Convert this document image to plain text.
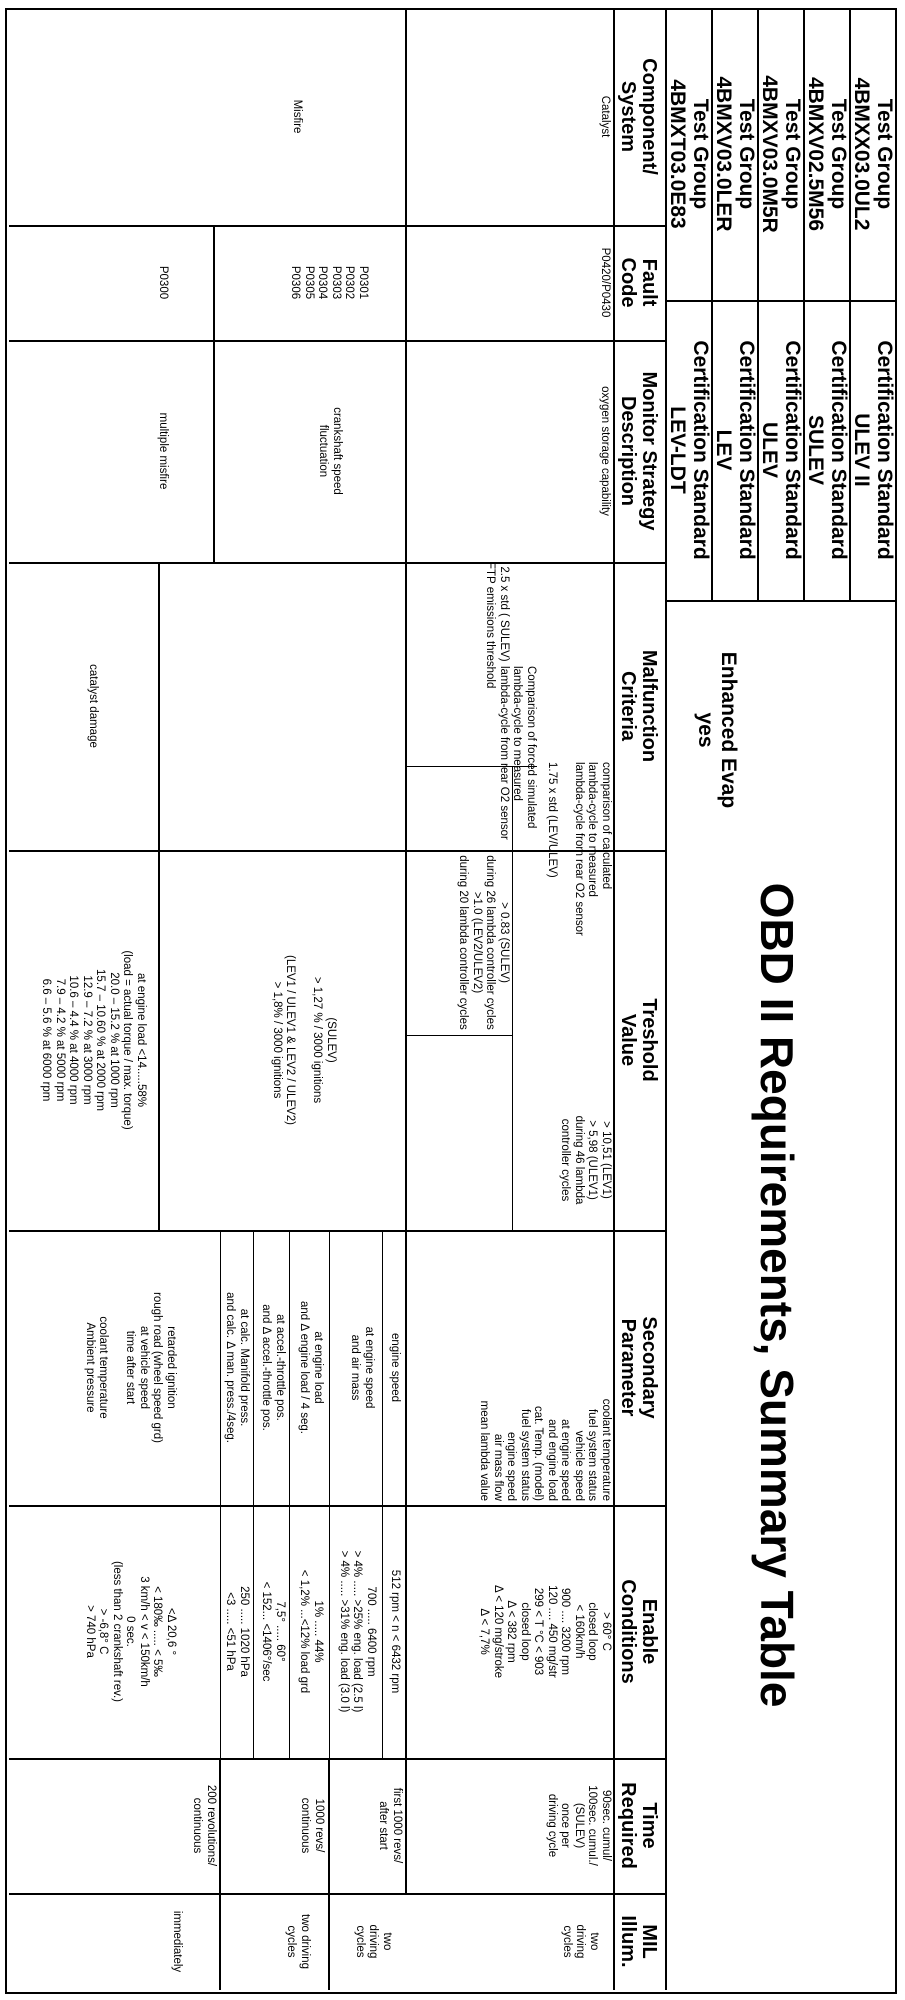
OBD II Requirements, Summary Table
Test Group
4BMXX03.0UL2
Certification Standard
ULEV II
Test Group
4BMXV02.5M56
Certification Standard
SULEV
Test Group
4BMXV03.0M5R
Certification Standard
ULEV
Test Group
4BMXV03.0LER
Certification Standard
LEV
Test Group
4BMXT03.0E83
Certification Standard
LEV-LDT
Enhanced Evap
yes
Component/
System
Fault
Code
Monitor Strategy
Description
Malfunction
Criteria
Treshold
Value
Secondary
Parameter
Enable
Conditions
Time
Required
MIL
Illum.
Catalyst
P0420/P0430
oxygen storage capability
comparison of calculated
lambda-cycle to measured
lambda-cycle from rear O2 sensor

1.75 x std (LEV/ULEV)
Comparison of forced simulated
lambda-cycle to measured
lambda-cycle from rear O2 sensor
2.5 x std ( SULEV)
FTP emissions threshold
> 10,51 (LEV1)
> 5,98 (ULEV1)
during 46 lambda
controller cycles
> 0.83 (SULEV)
during 26 lambda controller cycles
>1.0 (LEV2/ULEV2)
during 20 lambda controller cycles
coolant temperature
fuel system status
vehicle speed
at engine speed
and engine load
cat. Temp. (model)
fuel system status
engine speed
air mass flow
mean lambda value
> 60° C
closed loop
< 160km/h
900 .... 3200 rpm
120 .... 450 mg/str
299 < T °C < 903
closed loop
Δ < 382 rpm
Δ < 120 mg/stroke
Δ < 7,7%
90sec. cumul/
100sec. cumul./
(SULEV)
once per
driving cycle
two
driving
cycles
Misfire
P0301
P0302
P0303
P0304
P0305
P0306
P0300
crankshaft speed
fluctuation
multiple misfire
(SULEV)
> 1,27 % / 3000 ignitions

(LEV1 / ULEV1 & LEV2 / ULEV2)
> 1,8% / 3000 ignitions
catalyst damage
at engine load <14.....58%
(load = actual torque / max. torque)
20.0 – 15.2 % at 1000 rpm
15.7 – 10.60 % at 2000 rpm
12.9 – 7.2 % at 3000 rpm
10.6 – 4.4 % at 4000 rpm
7.9 – 4.2 % at 5000 rpm
6.6 – 5.6 % at 6000 rpm
engine speed
512 rpm < n < 6432 rpm
at engine speed
and air mass
700 ..... 6400 rpm
> 4% ..... >25% eng. load (2.5 l)
> 4% ..... >31% eng. load (3.0 l)
at engine load
and Δ engine load / 4 seg.
1% ..... 44%
< 1,2% ...<12% load grd
at accel.-throttle pos.
and Δ accel.-throttle pos.
7,5° ..... 60°
< 152... <1406°/sec
at calc. Manifold press.
and calc. Δ man. press./4seg.
250 ..... 1020 hPa
<3 ..... <51 hPa
retarded ignition
rough road (wheel speed grd)
at vehicle speed
time after start

coolant temperature
Ambient pressure
<Δ 20,6 °
< 180‰ ..... < 5‰
3 km/h < v < 150km/h
0 sec.
(less than 2 crankshaft rev.)
> -6,8° C
> 740 hPa
first 1000 revs/
after start
1000 revs/
continuous
200 revolutions/
continuous
two
driving
cycles
two driving
cycles
immediately
